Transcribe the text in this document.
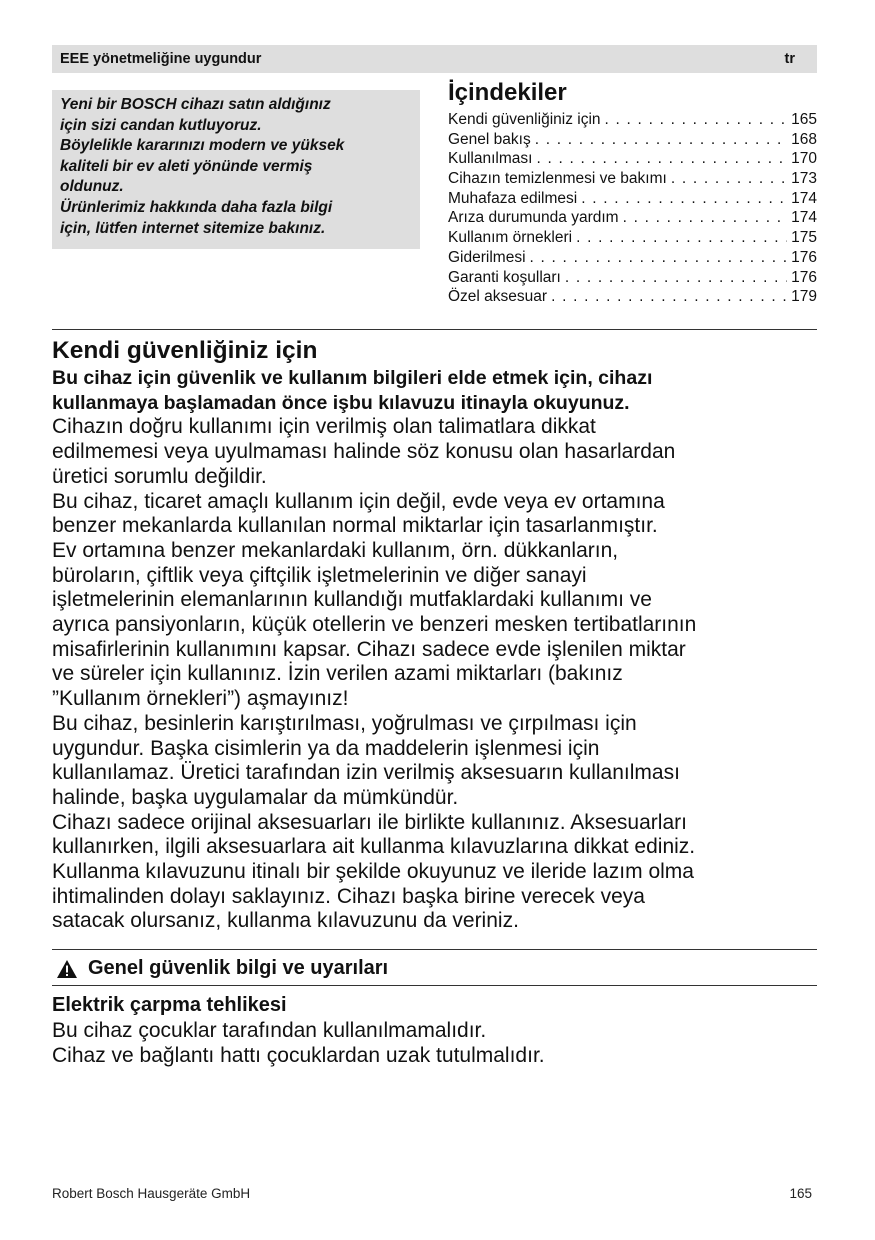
EEE yönetmeliğine uygundur	tr
Yeni bir BOSCH cihazı satın aldığınız
için sizi candan kutluyoruz.
Böylelikle kararınızı modern ve yüksek
kaliteli bir ev aleti yönünde vermiş
oldunuz.
Ürünlerimiz hakkında daha fazla bilgi
için, lütfen internet sitemize bakınız.
İçindekiler
Kendi güvenliğiniz için . . .	165
Genel bakış . . .	168
Kullanılması . . .	170
Cihazın temizlenmesi ve bakımı . . .	173
Muhafaza edilmesi . . .	174
Arıza durumunda yardım . . .	174
Kullanım örnekleri . . .	175
Giderilmesi . . .	176
Garanti koşulları . . .	176
Özel aksesuar . . .	179
Kendi güvenliğiniz için
Bu cihaz için güvenlik ve kullanım bilgileri elde etmek için, cihazı
kullanmaya başlamadan önce işbu kılavuzu itinayla okuyunuz.
Cihazın doğru kullanımı için verilmiş olan talimatlara dikkat
edilmemesi veya uyulmaması halinde söz konusu olan hasarlardan
üretici sorumlu değildir.
Bu cihaz, ticaret amaçlı kullanım için değil, evde veya ev ortamına
benzer mekanlarda kullanılan normal miktarlar için tasarlanmıştır.
Ev ortamına benzer mekanlardaki kullanım, örn. dükkanların,
büroların, çiftlik veya çiftçilik işletmelerinin ve diğer sanayi
işletmelerinin elemanlarının kullandığı mutfaklardaki kullanımı ve
ayrıca pansiyonların, küçük otellerin ve benzeri mesken tertibatlarının
misafirlerinin kullanımını kapsar. Cihazı sadece evde işlenilen miktar
ve süreler için kullanınız. İzin verilen azami miktarları (bakınız
”Kullanım örnekleri”) aşmayınız!
Bu cihaz, besinlerin karıştırılması, yoğrulması ve çırpılması için
uygundur. Başka cisimlerin ya da maddelerin işlenmesi için
kullanılamaz. Üretici tarafından izin verilmiş aksesuarın kullanılması
halinde, başka uygulamalar da mümkündür.
Cihazı sadece orijinal aksesuarları ile birlikte kullanınız. Aksesuarları
kullanırken, ilgili aksesuarlara ait kullanma kılavuzlarına dikkat ediniz.
Kullanma kılavuzunu itinalı bir şekilde okuyunuz ve ileride lazım olma
ihtimalinden dolayı saklayınız. Cihazı başka birine verecek veya
satacak olursanız, kullanma kılavuzunu da veriniz.
Genel güvenlik bilgi ve uyarıları
Elektrik çarpma tehlikesi
Bu cihaz çocuklar tarafından kullanılmamalıdır.
Cihaz ve bağlantı hattı çocuklardan uzak tutulmalıdır.
Robert Bosch Hausgeräte GmbH	165
